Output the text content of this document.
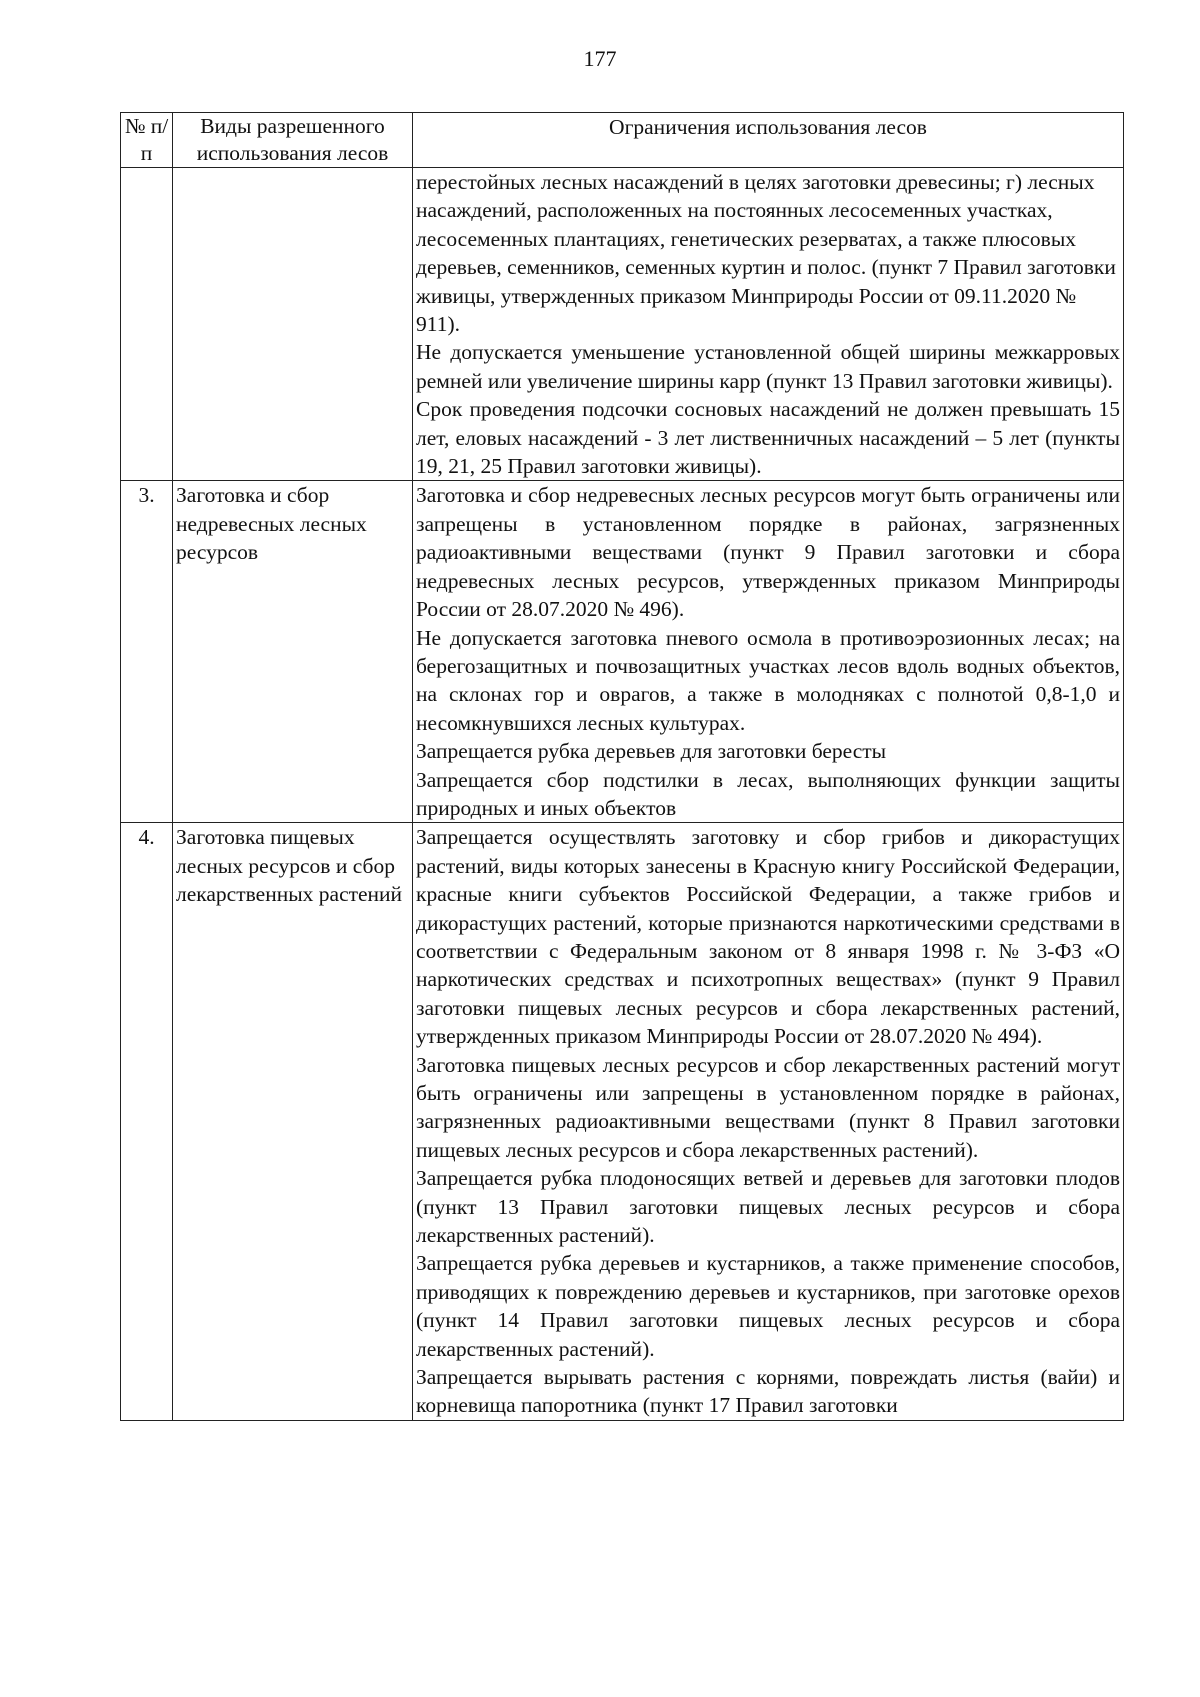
177
№ п/п	Виды разрешенного использования лесов	Ограничения использования лесов

		перестойных лесных насаждений в целях заготовки древесины; г) лесных насаждений, расположенных на постоянных лесосеменных участках, лесосеменных плантациях, генетических резерватах, а также плюсовых деревьев, семенников, семенных куртин и полос. (пункт 7 Правил заготовки живицы, утвержденных приказом Минприроды России от 09.11.2020 № 911).

Не допускается уменьшение установленной общей ширины межкарровых ремней или увеличение ширины карр (пункт 13 Правил заготовки живицы).

Срок проведения подсочки сосновых насаждений не должен превышать 15 лет, еловых насаждений - 3 лет лиственничных насаждений – 5 лет (пункты 19, 21, 25 Правил заготовки живицы).

3.	Заготовка и сбор недревесных лесных ресурсов	Заготовка и сбор недревесных лесных ресурсов могут быть ограничены или запрещены в установленном порядке в районах, загрязненных радиоактивными веществами (пункт 9 Правил заготовки и сбора недревесных лесных ресурсов, утвержденных приказом Минприроды России от 28.07.2020 № 496).

Не допускается заготовка пневого осмола в противоэрозионных лесах; на берегозащитных и почвозащитных участках лесов вдоль водных объектов, на склонах гор и оврагов, а также в молодняках с полнотой 0,8-1,0 и несомкнувшихся лесных культурах.

Запрещается рубка деревьев для заготовки бересты

Запрещается сбор подстилки в лесах, выполняющих функции защиты природных и иных объектов

4.	Заготовка пищевых лесных ресурсов и сбор лекарственных растений	Запрещается осуществлять заготовку и сбор грибов и дикорастущих растений, виды которых занесены в Красную книгу Российской Федерации, красные книги субъектов Российской Федерации, а также грибов и дикорастущих растений, которые признаются наркотическими средствами в соответствии с Федеральным законом от 8 января 1998 г. № 3-ФЗ «О наркотических средствах и психотропных веществах» (пункт 9 Правил заготовки пищевых лесных ресурсов и сбора лекарственных растений, утвержденных приказом Минприроды России от 28.07.2020 № 494).

Заготовка пищевых лесных ресурсов и сбор лекарственных растений могут быть ограничены или запрещены в установленном порядке в районах, загрязненных радиоактивными веществами (пункт 8 Правил заготовки пищевых лесных ресурсов и сбора лекарственных растений).

Запрещается рубка плодоносящих ветвей и деревьев для заготовки плодов (пункт 13 Правил заготовки пищевых лесных ресурсов и сбора лекарственных растений).

Запрещается рубка деревьев и кустарников, а также применение способов, приводящих к повреждению деревьев и кустарников, при заготовке орехов (пункт 14 Правил заготовки пищевых лесных ресурсов и сбора лекарственных растений).

Запрещается вырывать растения с корнями, повреждать листья (вайи) и корневища папоротника (пункт 17 Правил заготовки
